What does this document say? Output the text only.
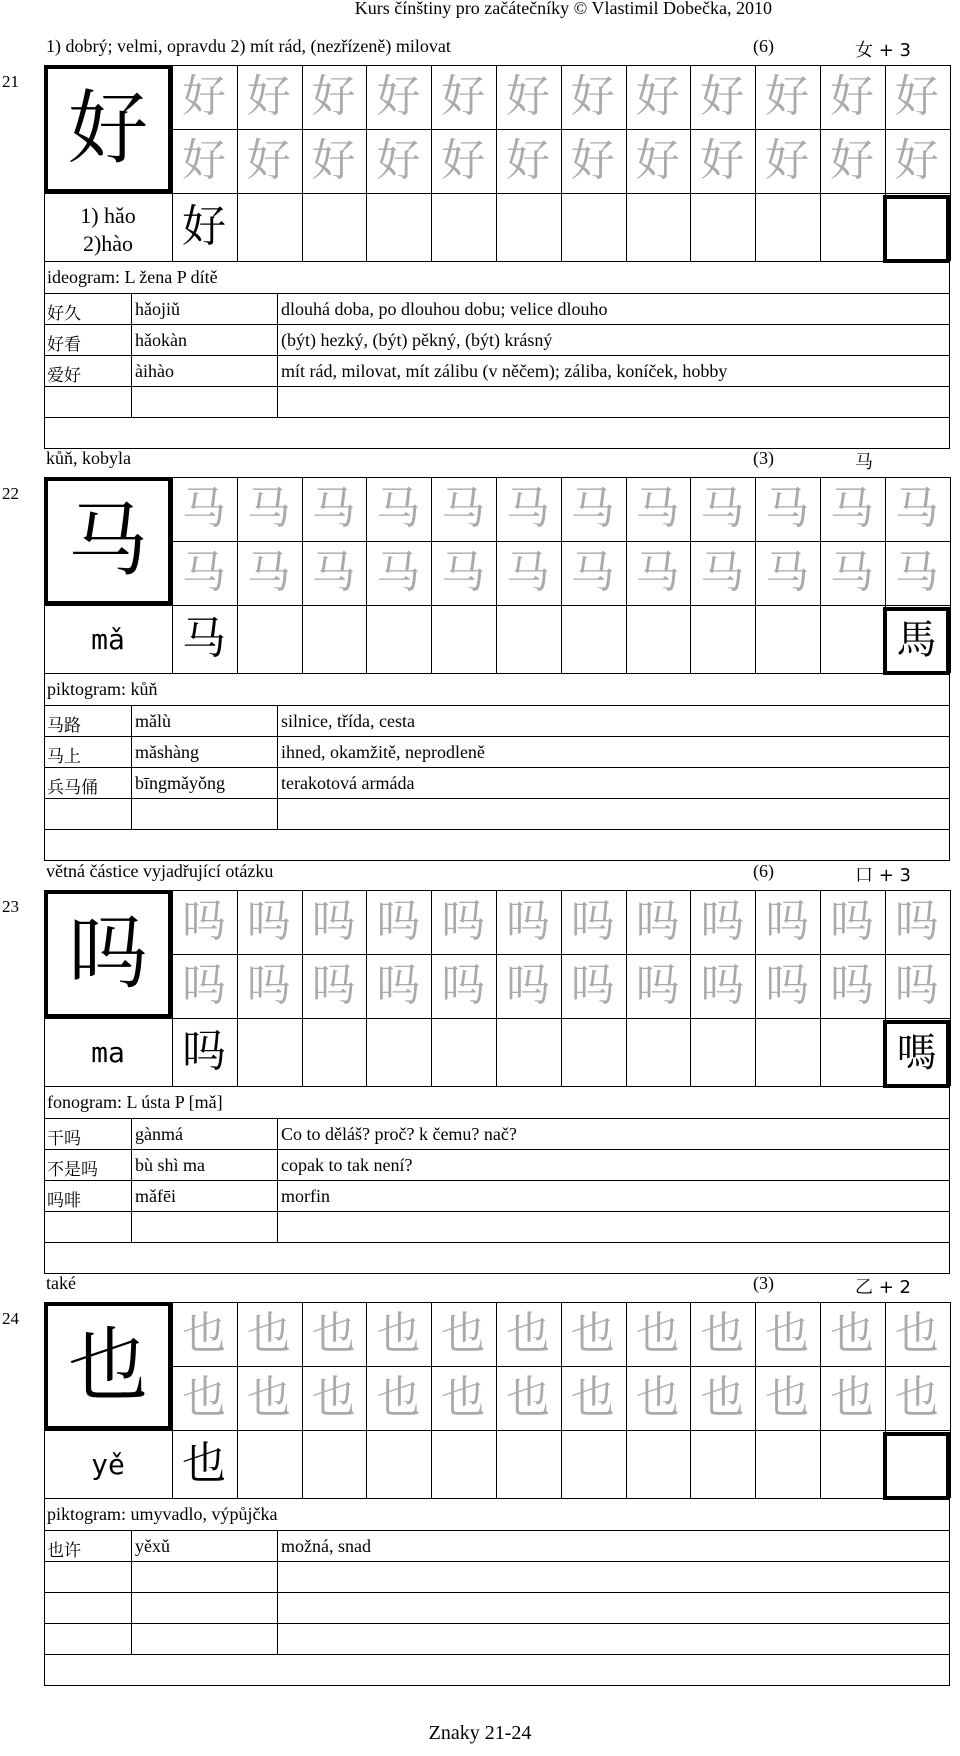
Kurs čínštiny pro začátečníky © Vlastimil Dobečka, 2010
1) dobrý; velmi, opravdu 2) mít rád, (nezřízeně) milovat	(6)	女 + 3
21
好 好 好 好 好 好 好 好 好 好 好 好 好
好 好 好 好 好 好 好 好 好 好 好 好
好
1) hǎo
2)hào
ideogram: L žena P dítě
好久	hǎojiǔ	dlouhá doba, po dlouhou dobu; velice dlouho
好看	hǎokàn	(být) hezký, (být) pěkný, (být) krásný
爱好	àihào	mít rád, milovat, mít zálibu (v něčem); záliba, koníček, hobby
kůň, kobyla	(3)	马
22
马 马 马 马 马 马 马 马 马 马 马 马 马
马 马 马 马 马 马 马 马 马 马 马 马
马
mǎ	馬
piktogram: kůň
马路	mǎlù	silnice, třída, cesta
马上	mǎshàng	ihned, okamžitě, neprodleně
兵马俑 bīngmǎyǒng	terakotová armáda
větná částice vyjadřující otázku	(6)	口 + 3
23
吗 吗 吗 吗 吗 吗 吗 吗 吗 吗 吗 吗 吗
吗 吗 吗 吗 吗 吗 吗 吗 吗 吗 吗 吗
吗
ma	嗎
fonogram: L ústa P [mǎ]
干吗	gànmá	Co to děláš? proč? k čemu? nač?
不是吗 bù shì ma	copak to tak není?
吗啡	mǎfēi	morfin
také	(3)	乙 + 2
24
也 也 也 也 也 也 也 也 也 也 也 也 也
也 也 也 也 也 也 也 也 也 也 也 也
也
yě
piktogram: umyvadlo, výpůjčka
也许	yěxǔ	možná, snad
Znaky 21-24
